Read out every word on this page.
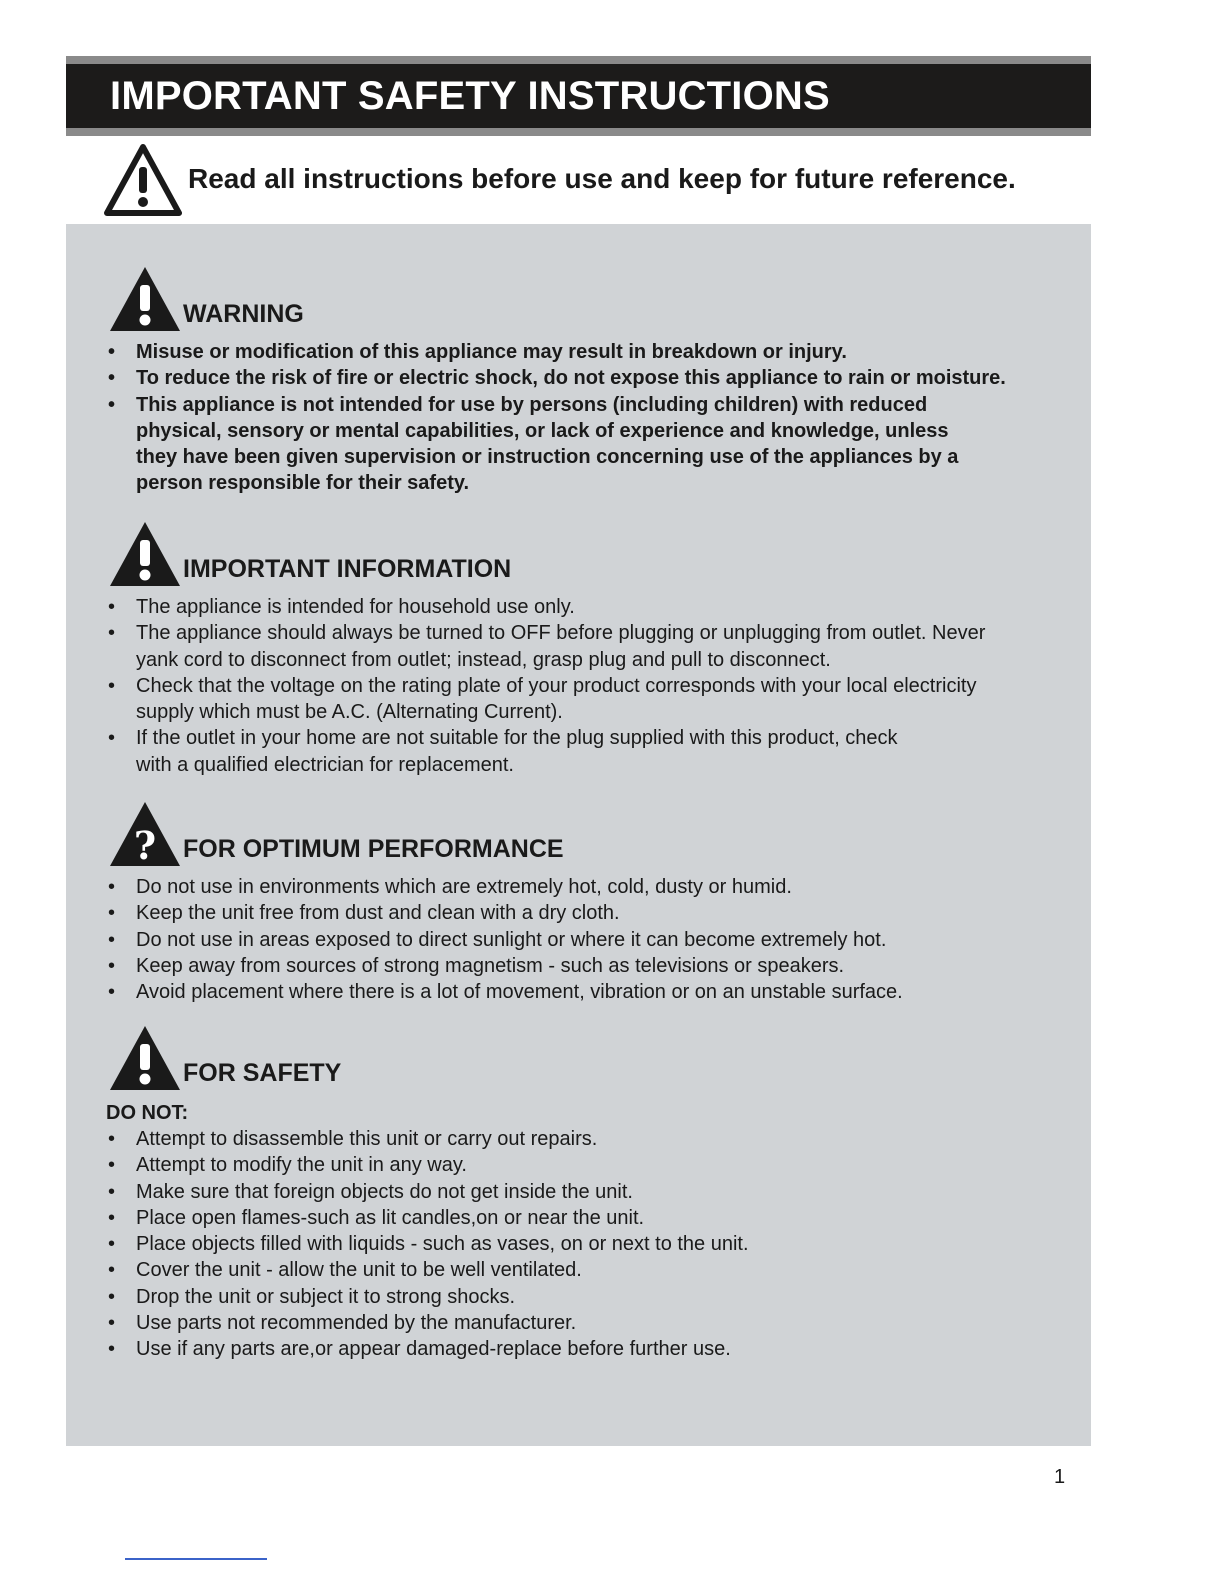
IMPORTANT SAFETY INSTRUCTIONS
Read all instructions before use and keep for future reference.
WARNING
• Misuse or modification of this appliance may result in breakdown or injury.
• To reduce the risk of fire or electric shock, do not expose this appliance to rain or moisture.
• This appliance is not intended for use by persons (including children) with reduced
physical, sensory or mental capabilities, or lack of experience and knowledge, unless
they have been given supervision or instruction concerning use of the appliances by a
person responsible for their safety.
IMPORTANT INFORMATION
• The appliance is intended for household use only.
• The appliance should always be turned to OFF before plugging or unplugging from outlet. Never
yank cord to disconnect from outlet; instead, grasp plug and pull to disconnect.
• Check that the voltage on the rating plate of your product corresponds with your local electricity
supply which must be A.C. (Alternating Current).
• If the outlet in your home are not suitable for the plug supplied with this product, check
with a qualified electrician for replacement.
? FOR OPTIMUM PERFORMANCE
• Do not use in environments which are extremely hot, cold, dusty or humid.
• Keep the unit free from dust and clean with a dry cloth.
• Do not use in areas exposed to direct sunlight or where it can become extremely hot.
• Keep away from sources of strong magnetism - such as televisions or speakers.
• Avoid placement where there is a lot of movement, vibration or on an unstable surface.
FOR SAFETY
DO NOT:
• Attempt to disassemble this unit or carry out repairs.
• Attempt to modify the unit in any way.
• Make sure that foreign objects do not get inside the unit.
• Place open flames-such as lit candles,on or near the unit.
• Place objects filled with liquids - such as vases, on or next to the unit.
• Cover the unit - allow the unit to be well ventilated.
• Drop the unit or subject it to strong shocks.
• Use parts not recommended by the manufacturer.
• Use if any parts are,or appear damaged-replace before further use.
1
